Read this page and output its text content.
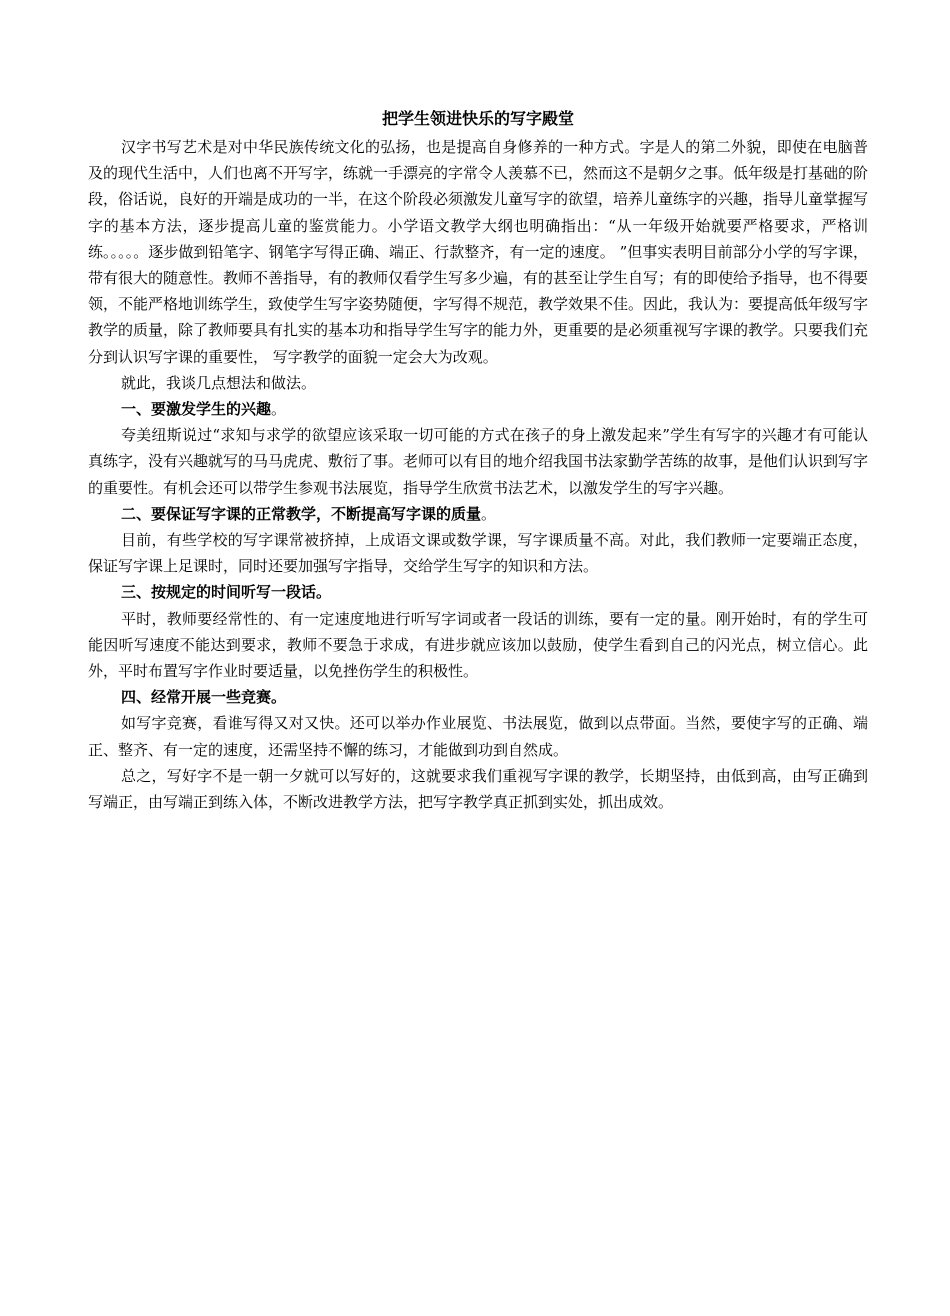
把学生领进快乐的写字殿堂

汉字书写艺术是对中华民族传统文化的弘扬，也是提高自身修养的一种方式。字是人的第二外貌，即使在电脑普及的现代生活中，人们也离不开写字，练就一手漂亮的字常令人羡慕不已，然而这不是朝夕之事。低年级是打基础的阶段，俗话说，良好的开端是成功的一半，在这个阶段必须激发儿童写字的欲望，培养儿童练字的兴趣，指导儿童掌握写字的基本方法，逐步提高儿童的鉴赏能力。小学语文教学大纲也明确指出：“从一年级开始就要严格要求，严格训练。。。。。逐步做到铅笔字、钢笔字写得正确、端正、行款整齐，有一定的速度。 ”但事实表明目前部分小学的写字课，带有很大的随意性。教师不善指导，有的教师仅看学生写多少遍，有的甚至让学生自写；有的即使给予指导，也不得要领，不能严格地训练学生，致使学生写字姿势随便，字写得不规范，教学效果不佳。因此，我认为：要提高低年级写字教学的质量，除了教师要具有扎实的基本功和指导学生写字的能力外，更重要的是必须重视写字课的教学。只要我们充分到认识写字课的重要性， 写字教学的面貌一定会大为改观。

就此，我谈几点想法和做法。

一、要激发学生的兴趣。

夸美纽斯说过“求知与求学的欲望应该采取一切可能的方式在孩子的身上激发起来”学生有写字的兴趣才有可能认真练字，没有兴趣就写的马马虎虎、敷衍了事。老师可以有目的地介绍我国书法家勤学苦练的故事，是他们认识到写字的重要性。有机会还可以带学生参观书法展览，指导学生欣赏书法艺术，以激发学生的写字兴趣。

二、要保证写字课的正常教学，不断提高写字课的质量。

目前，有些学校的写字课常被挤掉，上成语文课或数学课，写字课质量不高。对此，我们教师一定要端正态度，保证写字课上足课时，同时还要加强写字指导，交给学生写字的知识和方法。

三、按规定的时间听写一段话。

平时，教师要经常性的、有一定速度地进行听写字词或者一段话的训练，要有一定的量。刚开始时，有的学生可能因听写速度不能达到要求，教师不要急于求成，有进步就应该加以鼓励，使学生看到自己的闪光点，树立信心。此外，平时布置写字作业时要适量，以免挫伤学生的积极性。

四、经常开展一些竞赛。

如写字竞赛，看谁写得又对又快。还可以举办作业展览、书法展览，做到以点带面。当然，要使字写的正确、端正、整齐、有一定的速度，还需坚持不懈的练习，才能做到功到自然成。

总之，写好字不是一朝一夕就可以写好的，这就要求我们重视写字课的教学，长期坚持，由低到高，由写正确到写端正，由写端正到练入体，不断改进教学方法，把写字教学真正抓到实处，抓出成效。
